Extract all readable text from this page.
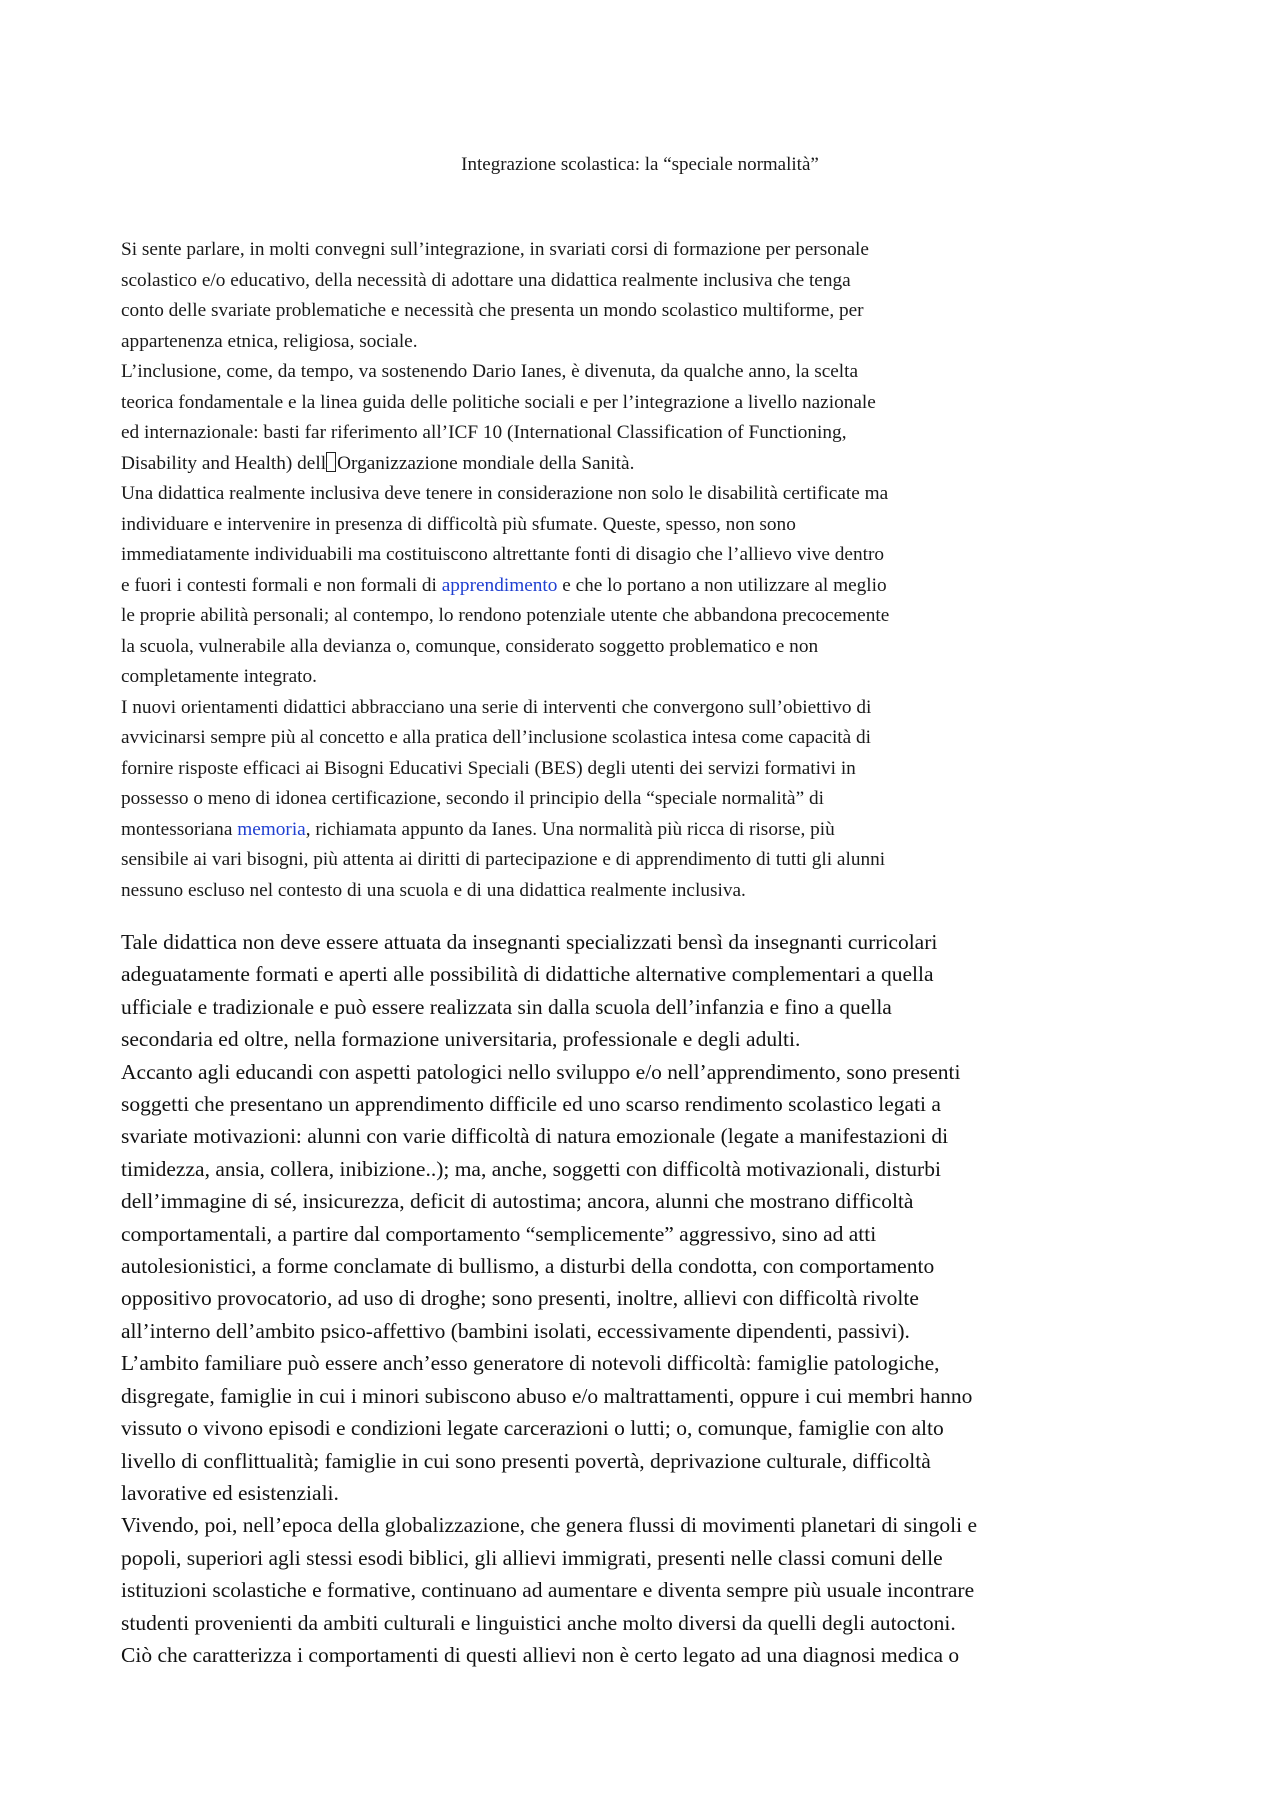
Integrazione scolastica: la “speciale normalità”
Si sente parlare, in molti convegni sull’integrazione, in svariati corsi di formazione per personale
scolastico e/o educativo, della necessità di adottare una didattica realmente inclusiva che tenga
conto delle svariate problematiche e necessità che presenta un mondo scolastico multiforme, per
appartenenza etnica, religiosa, sociale.
L’inclusione, come, da tempo, va sostenendo Dario Ianes, è divenuta, da qualche anno, la scelta
teorica fondamentale e la linea guida delle politiche sociali e per l’integrazione a livello nazionale
ed internazionale: basti far riferimento all’ICF 10 (International Classification of Functioning,
Disability and Health) dell Organizzazione mondiale della Sanità.
Una didattica realmente inclusiva deve tenere in considerazione non solo le disabilità certificate ma
individuare e intervenire in presenza di difficoltà più sfumate. Queste, spesso, non sono
immediatamente individuabili ma costituiscono altrettante fonti di disagio che l’allievo vive dentro
e fuori i contesti formali e non formali di apprendimento e che lo portano a non utilizzare al meglio
le proprie abilità personali; al contempo, lo rendono potenziale utente che abbandona precocemente
la scuola, vulnerabile alla devianza o, comunque, considerato soggetto problematico e non
completamente integrato.
I nuovi orientamenti didattici abbracciano una serie di interventi che convergono sull’obiettivo di
avvicinarsi sempre più al concetto e alla pratica dell’inclusione scolastica intesa come capacità di
fornire risposte efficaci ai Bisogni Educativi Speciali (BES) degli utenti dei servizi formativi in
possesso o meno di idonea certificazione, secondo il principio della “speciale normalità” di
montessoriana memoria, richiamata appunto da Ianes. Una normalità più ricca di risorse, più
sensibile ai vari bisogni, più attenta ai diritti di partecipazione e di apprendimento di tutti gli alunni
nessuno escluso nel contesto di una scuola e di una didattica realmente inclusiva.
Tale didattica non deve essere attuata da insegnanti specializzati bensì da insegnanti curricolari
adeguatamente formati e aperti alle possibilità di didattiche alternative complementari a quella
ufficiale e tradizionale e può essere realizzata sin dalla scuola dell’infanzia e fino a quella
secondaria ed oltre, nella formazione universitaria, professionale e degli adulti.
Accanto agli educandi con aspetti patologici nello sviluppo e/o nell’apprendimento, sono presenti
soggetti che presentano un apprendimento difficile ed uno scarso rendimento scolastico legati a
svariate motivazioni: alunni con varie difficoltà di natura emozionale (legate a manifestazioni di
timidezza, ansia, collera, inibizione..); ma, anche, soggetti con difficoltà motivazionali, disturbi
dell’immagine di sé, insicurezza, deficit di autostima; ancora, alunni che mostrano difficoltà
comportamentali, a partire dal comportamento “semplicemente” aggressivo, sino ad atti
autolesionistici, a forme conclamate di bullismo, a disturbi della condotta, con comportamento
oppositivo provocatorio, ad uso di droghe; sono presenti, inoltre, allievi con difficoltà rivolte
all’interno dell’ambito psico-affettivo (bambini isolati, eccessivamente dipendenti, passivi).
L’ambito familiare può essere anch’esso generatore di notevoli difficoltà: famiglie patologiche,
disgregate, famiglie in cui i minori subiscono abuso e/o maltrattamenti, oppure i cui membri hanno
vissuto o vivono episodi e condizioni legate carcerazioni o lutti; o, comunque, famiglie con alto
livello di conflittualità; famiglie in cui sono presenti povertà, deprivazione culturale, difficoltà
lavorative ed esistenziali.
Vivendo, poi, nell’epoca della globalizzazione, che genera flussi di movimenti planetari di singoli e
popoli, superiori agli stessi esodi biblici, gli allievi immigrati, presenti nelle classi comuni delle
istituzioni scolastiche e formative, continuano ad aumentare e diventa sempre più usuale incontrare
studenti provenienti da ambiti culturali e linguistici anche molto diversi da quelli degli autoctoni.
Ciò che caratterizza i comportamenti di questi allievi non è certo legato ad una diagnosi medica o
